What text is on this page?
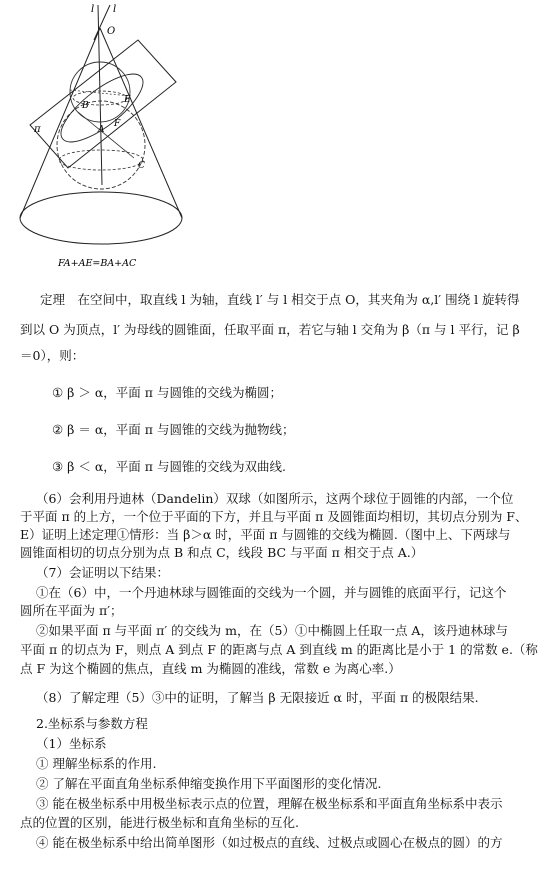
l l
O
π
B
C
F
A
E
FA+AE=BA+AC
定理　在空间中，取直线 l 为轴，直线 l′ 与 l 相交于点 O，其夹角为 α,l′ 围绕 l 旋转得
到以 O 为顶点，l′ 为母线的圆锥面，任取平面 π，若它与轴 l 交角为 β（π 与 l 平行，记 β
＝0），则：
① β ＞ α，平面 π 与圆锥的交线为椭圆；
② β ＝ α，平面 π 与圆锥的交线为抛物线；
③ β ＜ α，平面 π 与圆锥的交线为双曲线.
（6）会利用丹迪林（Dandelin）双球（如图所示，这两个球位于圆锥的内部，一个位
于平面 π 的上方，一个位于平面的下方，并且与平面 π 及圆锥面均相切，其切点分别为 F、
E）证明上述定理①情形：当 β＞α 时，平面 π 与圆锥的交线为椭圆.（图中上、下两球与
圆锥面相切的切点分别为点 B 和点 C，线段 BC 与平面 π 相交于点 A.）
（7）会证明以下结果：
①在（6）中，一个丹迪林球与圆锥面的交线为一个圆，并与圆锥的底面平行，记这个
圆所在平面为 π′；
②如果平面 π 与平面 π′ 的交线为 m，在（5）①中椭圆上任取一点 A，该丹迪林球与
平面 π 的切点为 F，则点 A 到点 F 的距离与点 A 到直线 m 的距离比是小于 1 的常数 e.（称
点 F 为这个椭圆的焦点，直线 m 为椭圆的准线，常数 e 为离心率.）
（8）了解定理（5）③中的证明，了解当 β 无限接近 α 时，平面 π 的极限结果.
2.坐标系与参数方程
（1）坐标系
① 理解坐标系的作用.
② 了解在平面直角坐标系伸缩变换作用下平面图形的变化情况.
③ 能在极坐标系中用极坐标表示点的位置，理解在极坐标系和平面直角坐标系中表示
点的位置的区别，能进行极坐标和直角坐标的互化.
④ 能在极坐标系中给出简单图形（如过极点的直线、过极点或圆心在极点的圆）的方
